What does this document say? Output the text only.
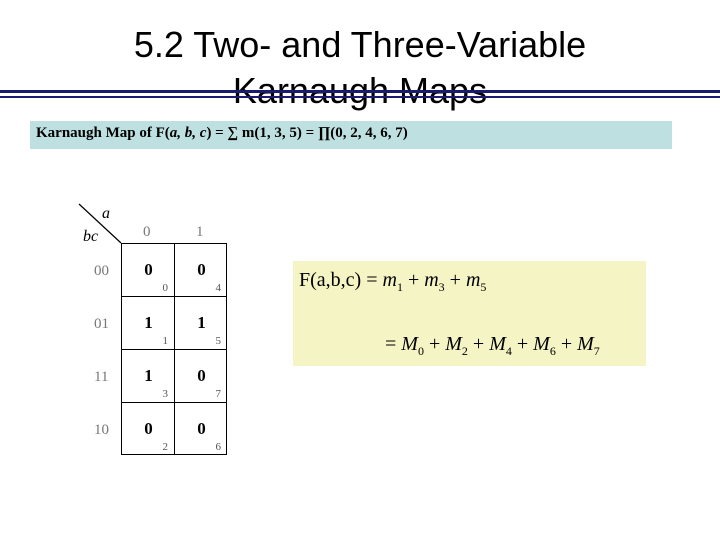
5.2 Two- and Three-Variable
Karnaugh Map of F(a, b, c) = ∑ m(1, 3, 5) = ∏(0, 2, 4, 6, 7)
a
bc	0	1
00
01
11
10
0
0
0
4
1
1
1
5
1
3
0
7
0
2
0
6
$F(a,b,c) = m_1 + m_3 + m_5$
= $M_0 + M_2 + M_4 + M_6 + M_7$
